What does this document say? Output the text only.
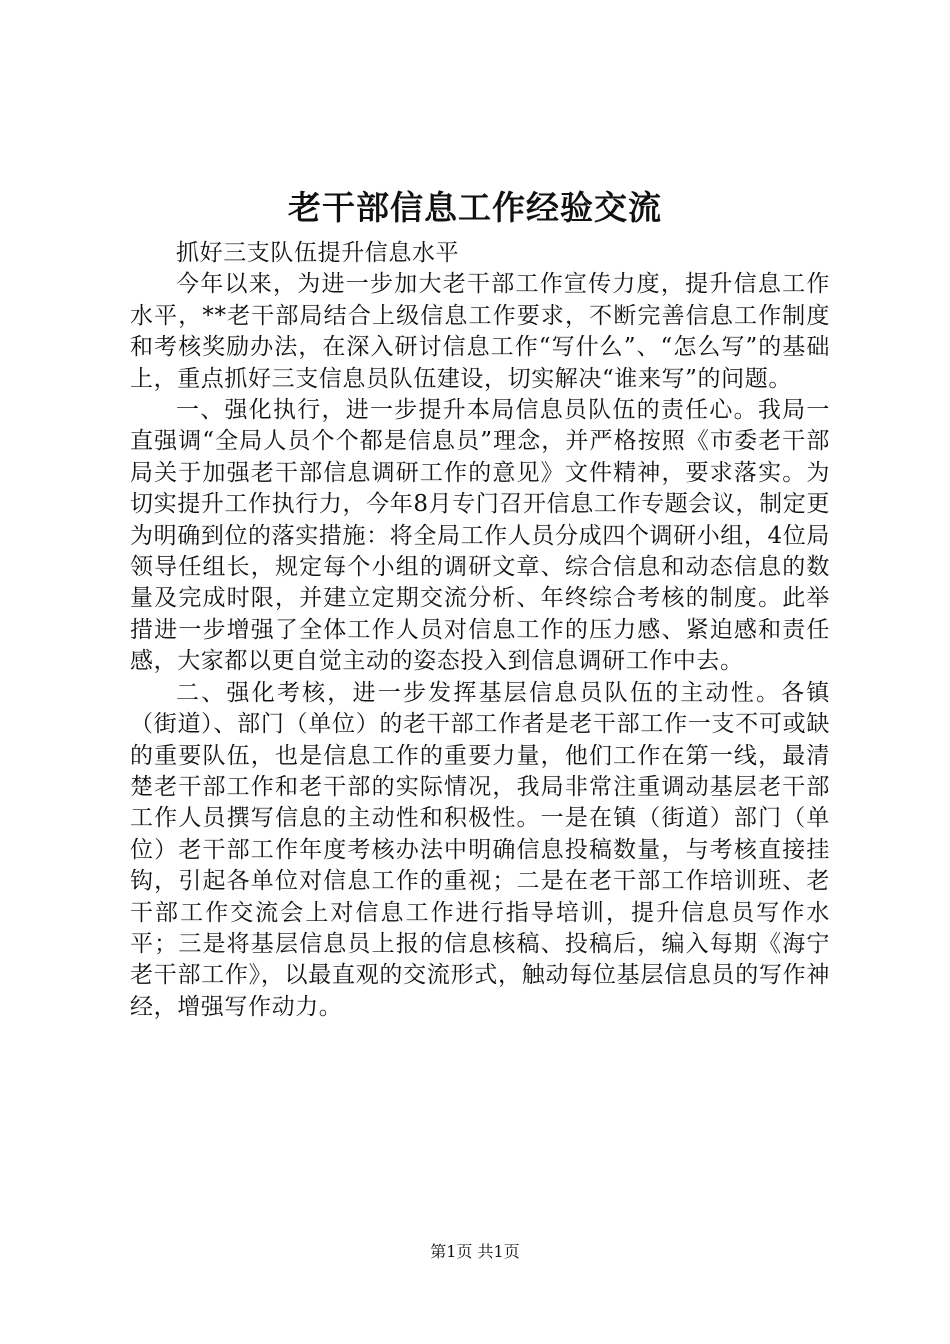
老干部信息工作经验交流

抓好三支队伍提升信息水平

今年以来，为进一步加大老干部工作宣传力度，提升信息工作水平，**老干部局结合上级信息工作要求，不断完善信息工作制度和考核奖励办法，在深入研讨信息工作“写什么”、“怎么写”的基础上，重点抓好三支信息员队伍建设，切实解决“谁来写”的问题。

一、强化执行，进一步提升本局信息员队伍的责任心。我局一直强调“全局人员个个都是信息员”理念，并严格按照《市委老干部局关于加强老干部信息调研工作的意见》文件精神，要求落实。为切实提升工作执行力，今年8月专门召开信息工作专题会议，制定更为明确到位的落实措施：将全局工作人员分成四个调研小组，4位局领导任组长，规定每个小组的调研文章、综合信息和动态信息的数量及完成时限，并建立定期交流分析、年终综合考核的制度。此举措进一步增强了全体工作人员对信息工作的压力感、紧迫感和责任感，大家都以更自觉主动的姿态投入到信息调研工作中去。

二、强化考核，进一步发挥基层信息员队伍的主动性。各镇（街道）、部门（单位）的老干部工作者是老干部工作一支不可或缺的重要队伍，也是信息工作的重要力量，他们工作在第一线，最清楚老干部工作和老干部的实际情况，我局非常注重调动基层老干部工作人员撰写信息的主动性和积极性。一是在镇（街道）部门（单位）老干部工作年度考核办法中明确信息投稿数量，与考核直接挂钩，引起各单位对信息工作的重视；二是在老干部工作培训班、老干部工作交流会上对信息工作进行指导培训，提升信息员写作水平；三是将基层信息员上报的信息核稿、投稿后，编入每期《海宁老干部工作》，以最直观的交流形式，触动每位基层信息员的写作神经，增强写作动力。

第1页 共1页
